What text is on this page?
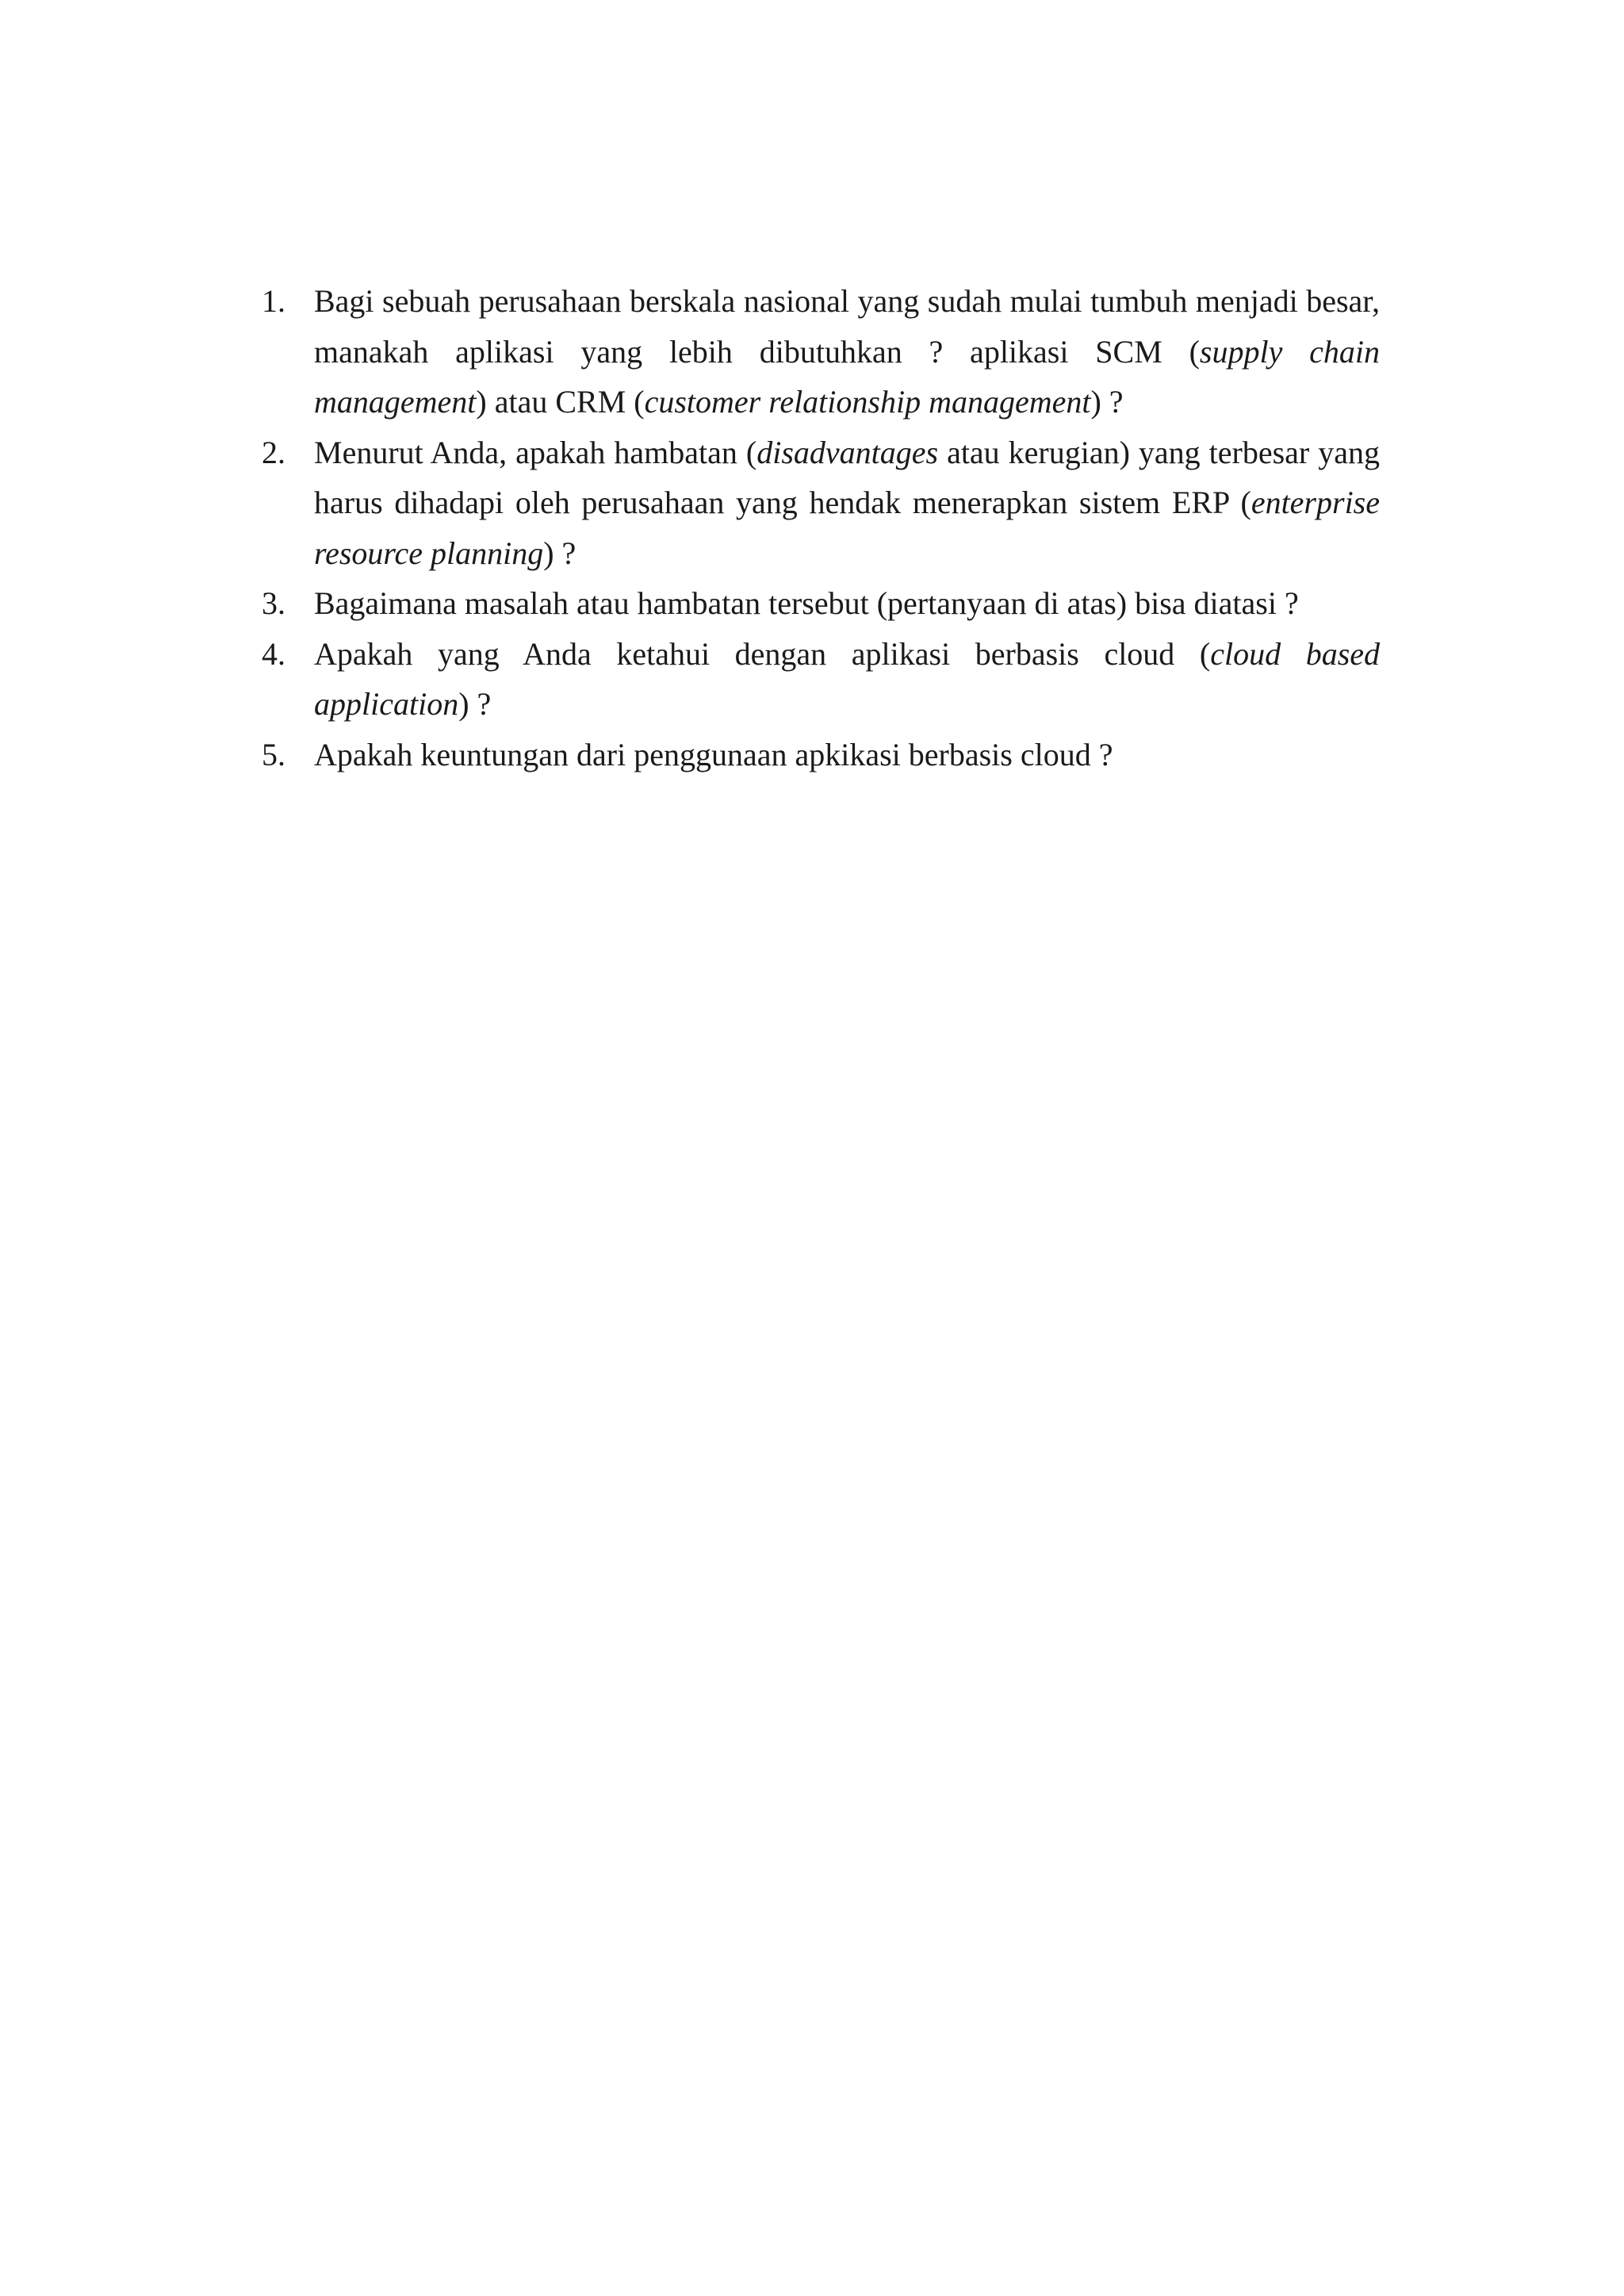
1. Bagi sebuah perusahaan berskala nasional yang sudah mulai tumbuh menjadi besar, manakah aplikasi yang lebih dibutuhkan ? aplikasi SCM (supply chain management) atau CRM (customer relationship management) ?
2. Menurut Anda, apakah hambatan (disadvantages atau kerugian) yang terbesar yang harus dihadapi oleh perusahaan yang hendak menerapkan sistem ERP (enterprise resource planning) ?
3. Bagaimana masalah atau hambatan tersebut (pertanyaan di atas) bisa diatasi ?
4. Apakah yang Anda ketahui dengan aplikasi berbasis cloud (cloud based application) ?
5. Apakah keuntungan dari penggunaan apkikasi berbasis cloud ?
